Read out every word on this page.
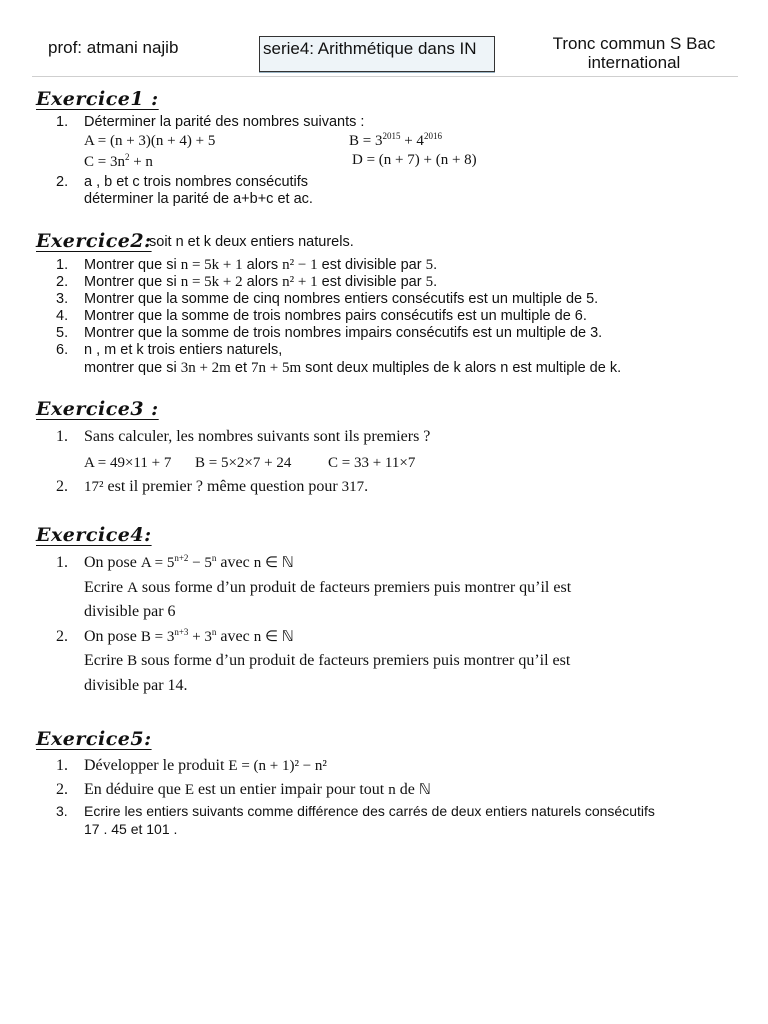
prof: atmani najib	serie4: Arithmétique dans IN	Tronc commun S Bac
international
Exercice1 :
1. Déterminer la parité des nombres suivants :
A = (n + 3)(n + 4) + 5	$B = 3^{2015} + 4^{2016}$
$C = 3n^2 + n$	D = (n + 7) + (n + 8)
2. a , b et c trois nombres consécutifs
déterminer la parité de a+b+c et ac.
Exercice2:
soit n et k deux entiers naturels.
1. Montrer que si n = 5k + 1 alors n² − 1 est divisible par 5.
2. Montrer que si n = 5k + 2 alors n² + 1 est divisible par 5.
3. Montrer que la somme de cinq nombres entiers consécutifs est un multiple de 5.
4. Montrer que la somme de trois nombres pairs consécutifs est un multiple de 6.
5. Montrer que la somme de trois nombres impairs consécutifs est un multiple de 3.
6. n , m et k trois entiers naturels,
montrer que si 3n + 2m et 7n + 5m sont deux multiples de k alors n est multiple de k.
Exercice3 :
1. Sans calculer, les nombres suivants sont ils premiers ?
A = 49×11 + 7 B = 5×2×7 + 24 C = 33 + 11×7
2. 17² est il premier ? même question pour 317.
Exercice4:
1. On pose $A = 5^{n+2} - 5^n$ avec n ∈ ℕ
Ecrire A sous forme d’un produit de facteurs premiers puis montrer qu’il est
divisible par 6
2. On pose $B = 3^{n+3} + 3^n$ avec n ∈ ℕ
Ecrire B sous forme d’un produit de facteurs premiers puis montrer qu’il est
divisible par 14.
Exercice5:
1. Développer le produit E = (n + 1)² − n²
2. En déduire que E est un entier impair pour tout n de ℕ
3. Ecrire les entiers suivants comme différence des carrés de deux entiers naturels consécutifs
17 . 45 et 101 .
